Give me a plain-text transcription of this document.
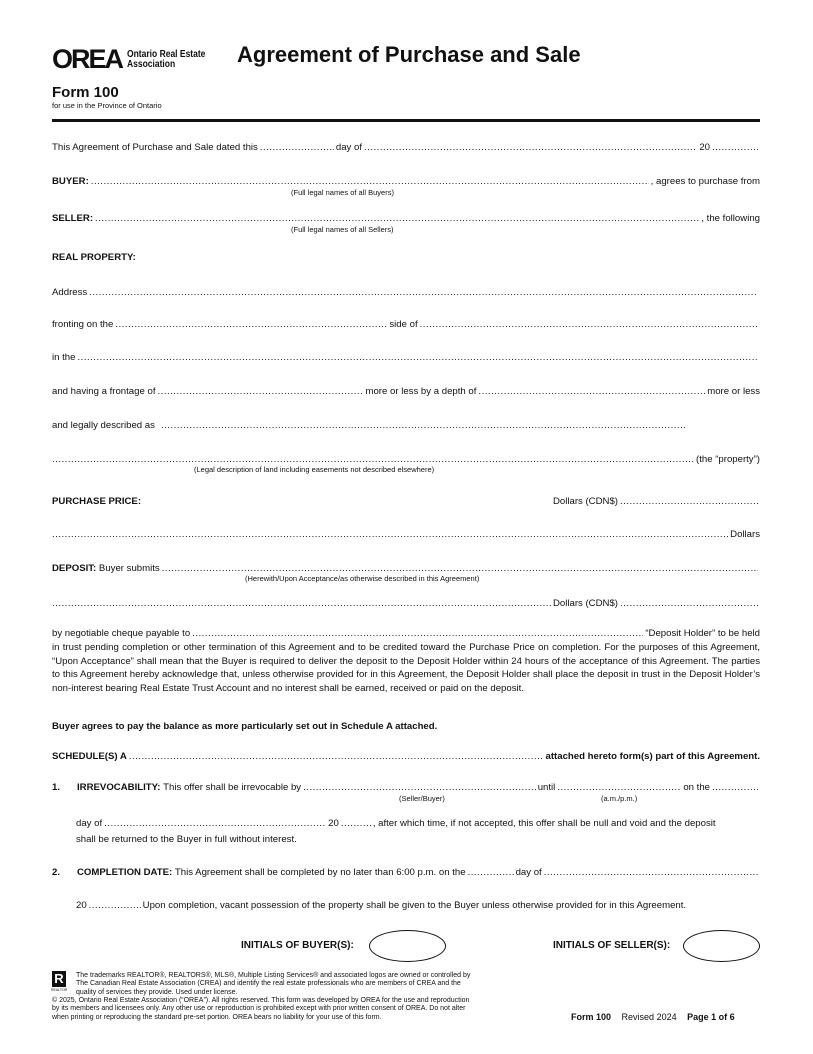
OREA Ontario Real Estate
Association	Agreement of Purchase and Sale
Form 100
for use in the Province of Ontario
This Agreement of Purchase and Sale dated this .....	day of .....	20
.....
BUYER: .....	, agrees to purchase from
(Full legal names of all Buyers)
SELLER: .....	, the following
(Full legal names of all Sellers)
REAL PROPERTY:
Address
.....
fronting on the .....	side of
.....
in the
.....
and having a frontage of .....	more or less by a depth of .....	more or less
and legally described as
.....
.....
(the “property”)
(Legal description of land including easements not described elsewhere)
PURCHASE PRICE:	Dollars (CDN$)
.....
.....
Dollars
DEPOSIT:
Buyer submits
.....
(Herewith/Upon Acceptance/as otherwise described in this Agreement)
.....
Dollars (CDN$)
.....
by negotiable cheque payable to .....	“Deposit Holder” to be held
in trust pending completion or other termination of this Agreement and to be credited toward the Purchase Price on completion. For the purposes of this Agreement, “Upon Acceptance” shall mean that the Buyer is required to deliver the deposit to the Deposit Holder within 24 hours of the acceptance of this Agreement. The parties to this Agreement hereby acknowledge that, unless otherwise provided for in this Agreement, the Deposit Holder shall place the deposit in trust in the Deposit Holder’s non-interest bearing Real Estate Trust Account and no interest shall be earned, received or paid on the deposit.
Buyer agrees to pay the balance as more particularly set out in Schedule A attached.
SCHEDULE(S) A .....	attached hereto form(s) part of this Agreement.
1.	IRREVOCABILITY:
This offer shall be irrevocable by .....	until .....	on the
.....
(Seller/Buyer)	(a.m./p.m.)
day of .....	20 .....	, after which time, if not accepted, this offer shall be null and void and the deposit
shall be returned to the Buyer in full without interest.
2.	COMPLETION DATE:
This Agreement shall be completed by no later than 6:00 p.m. on the .....	day of
.....
20 .....	Upon completion, vacant possession of the property shall be given to the Buyer unless otherwise provided for in this Agreement.
INITIALS OF BUYER(S):	INITIALS OF SELLER(S):
R
REALTOR
The trademarks REALTOR®, REALTORS®, MLS®, Multiple Listing Services® and associated logos are owned or controlled by
The Canadian Real Estate Association (CREA) and identify the real estate professionals who are members of CREA and the
quality of services they provide. Used under license.
© 2025, Ontario Real Estate Association (“OREA”). All rights reserved. This form was developed by OREA for the use and reproduction
by its members and licensees only. Any other use or reproduction is prohibited except with prior written consent of OREA. Do not alter
when printing or reproducing the standard pre-set portion. OREA bears no liability for your use of this form.	Form 100 Revised 2024 Page 1 of 6
